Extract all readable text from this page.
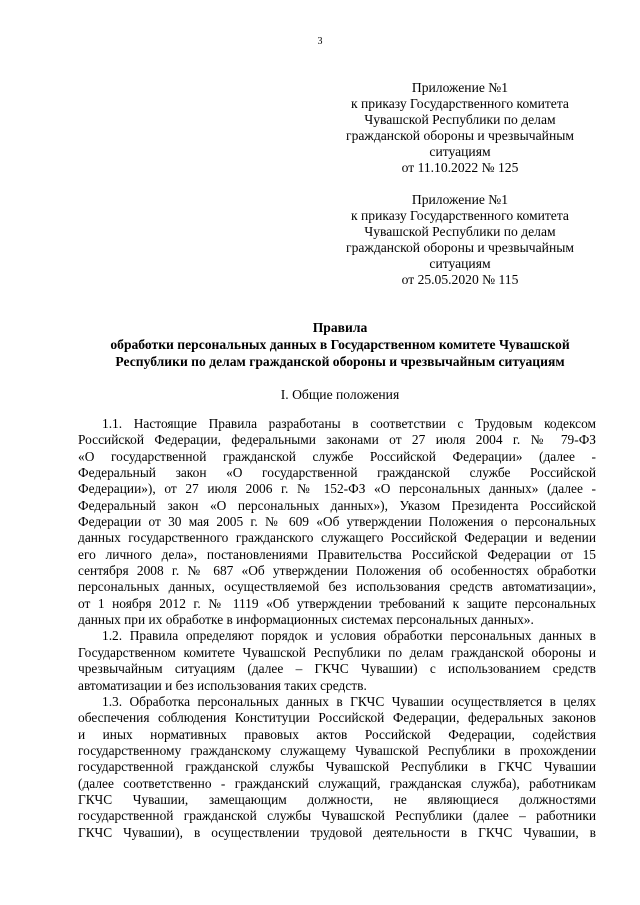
3
Приложение №1
к приказу Государственного комитета
Чувашской Республики по делам
гражданской обороны и чрезвычайным
ситуациям
от 11.10.2022 № 125
Приложение №1
к приказу Государственного комитета
Чувашской Республики по делам
гражданской обороны и чрезвычайным
ситуациям
от 25.05.2020 № 115
Правила
обработки персональных данных в Государственном комитете Чувашской
Республики по делам гражданской обороны и чрезвычайным ситуациям
I. Общие положения
1.1. Настоящие Правила разработаны в соответствии с Трудовым кодексом
Российской Федерации, федеральными законами от 27 июля 2004 г. № 79-ФЗ
«О государственной гражданской службе Российской Федерации» (далее -
Федеральный закон «О государственной гражданской службе Российской
Федерации»), от 27 июля 2006 г. № 152-ФЗ «О персональных данных» (далее -
Федеральный закон «О персональных данных»), Указом Президента Российской
Федерации от 30 мая 2005 г. № 609 «Об утверждении Положения о персональных
данных государственного гражданского служащего Российской Федерации и ведении
его личного дела», постановлениями Правительства Российской Федерации от 15
сентября 2008 г. № 687 «Об утверждении Положения об особенностях обработки
персональных данных, осуществляемой без использования средств автоматизации»,
от 1 ноября 2012 г. № 1119 «Об утверждении требований к защите персональных
данных при их обработке в информационных системах персональных данных».
1.2. Правила определяют порядок и условия обработки персональных данных в
Государственном комитете Чувашской Республики по делам гражданской обороны и
чрезвычайным ситуациям (далее – ГКЧС Чувашии) с использованием средств
автоматизации и без использования таких средств.
1.3. Обработка персональных данных в ГКЧС Чувашии осуществляется в целях
обеспечения соблюдения Конституции Российской Федерации, федеральных законов
и иных нормативных правовых актов Российской Федерации, содействия
государственному гражданскому служащему Чувашской Республики в прохождении
государственной гражданской службы Чувашской Республики в ГКЧС Чувашии
(далее соответственно - гражданский служащий, гражданская служба), работникам
ГКЧС Чувашии, замещающим должности, не являющиеся должностями
государственной гражданской службы Чувашской Республики (далее – работники
ГКЧС Чувашии), в осуществлении трудовой деятельности в ГКЧС Чувашии, в
